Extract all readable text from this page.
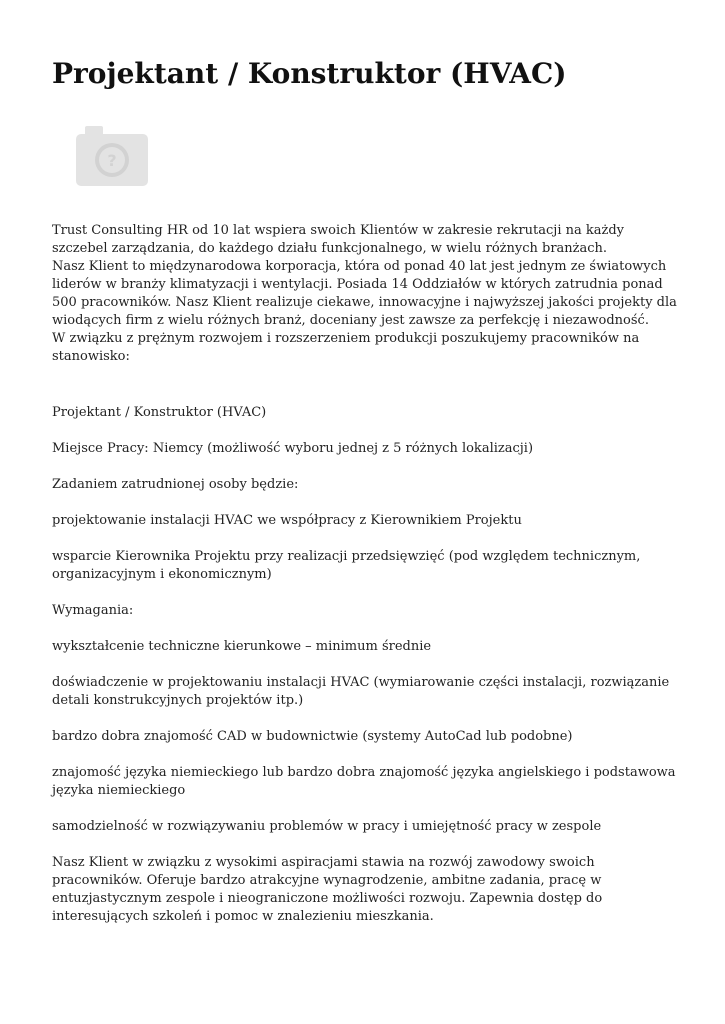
Projektant / Konstruktor (HVAC)
?

Trust Consulting HR od 10 lat wspiera swoich Klientów w zakresie rekrutacji na każdy szczebel zarządzania, do każdego działu funkcjonalnego, w wielu różnych branżach.

Nasz Klient to międzynarodowa korporacja, która od ponad 40 lat jest jednym ze światowych liderów w branży klimatyzacji i wentylacji. Posiada 14 Oddziałów w których zatrudnia ponad 500 pracowników. Nasz Klient realizuje ciekawe, innowacyjne i najwyższej jakości projekty dla wiodących firm z wielu różnych branż, doceniany jest zawsze za perfekcję i niezawodność.

W związku z prężnym rozwojem i rozszerzeniem produkcji poszukujemy pracowników na stanowisko:

Projektant / Konstruktor (HVAC)

Miejsce Pracy: Niemcy (możliwość wyboru jednej z 5 różnych lokalizacji)

Zadaniem zatrudnionej osoby będzie:

projektowanie instalacji HVAC we współpracy z Kierownikiem Projektu

wsparcie Kierownika Projektu przy realizacji przedsięwzięć (pod względem technicznym, organizacyjnym i ekonomicznym)

Wymagania:

wykształcenie techniczne kierunkowe – minimum średnie

doświadczenie w projektowaniu instalacji HVAC (wymiarowanie części instalacji, rozwiązanie detali konstrukcyjnych projektów itp.)

bardzo dobra znajomość CAD w budownictwie (systemy AutoCad lub podobne)

znajomość języka niemieckiego lub bardzo dobra znajomość języka angielskiego i podstawowa języka niemieckiego

samodzielność w rozwiązywaniu problemów w pracy i umiejętność pracy w zespole

Nasz Klient w związku z wysokimi aspiracjami stawia na rozwój zawodowy swoich pracowników. Oferuje bardzo atrakcyjne wynagrodzenie, ambitne zadania, pracę w entuzjastycznym zespole i nieograniczone możliwości rozwoju. Zapewnia dostęp do interesujących szkoleń i pomoc w znalezieniu mieszkania.
